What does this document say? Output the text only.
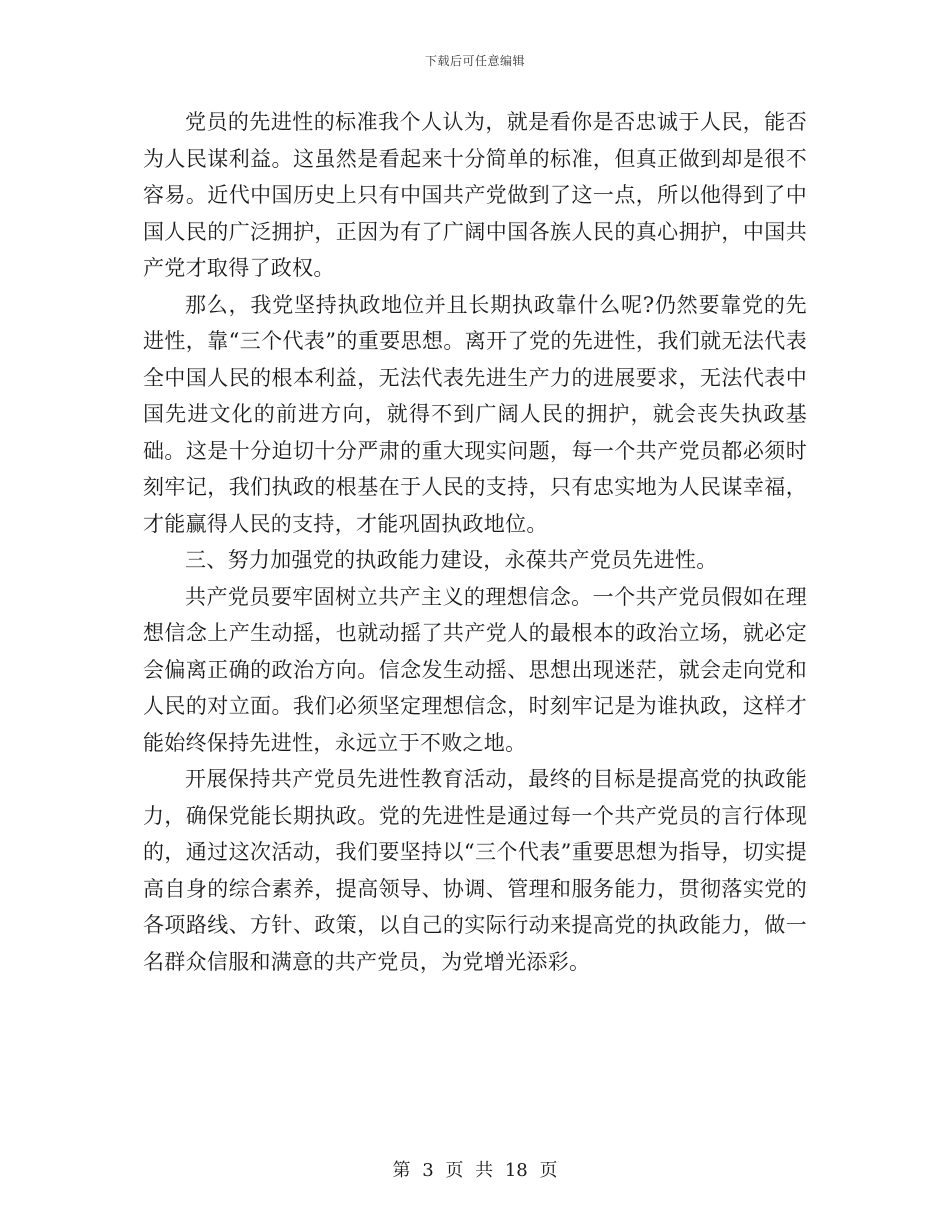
下载后可任意编辑

党员的先进性的标准我个人认为，就是看你是否忠诚于人民，能否为人民谋利益。这虽然是看起来十分简单的标准，但真正做到却是很不容易。近代中国历史上只有中国共产党做到了这一点，所以他得到了中国人民的广泛拥护，正因为有了广阔中国各族人民的真心拥护，中国共产党才取得了政权。

那么，我党坚持执政地位并且长期执政靠什么呢?仍然要靠党的先进性，靠“三个代表”的重要思想。离开了党的先进性，我们就无法代表全中国人民的根本利益，无法代表先进生产力的进展要求，无法代表中国先进文化的前进方向，就得不到广阔人民的拥护，就会丧失执政基础。这是十分迫切十分严肃的重大现实问题，每一个共产党员都必须时刻牢记，我们执政的根基在于人民的支持，只有忠实地为人民谋幸福，才能赢得人民的支持，才能巩固执政地位。

三、努力加强党的执政能力建设，永葆共产党员先进性。

共产党员要牢固树立共产主义的理想信念。一个共产党员假如在理想信念上产生动摇，也就动摇了共产党人的最根本的政治立场，就必定会偏离正确的政治方向。信念发生动摇、思想出现迷茫，就会走向党和人民的对立面。我们必须坚定理想信念，时刻牢记是为谁执政，这样才能始终保持先进性，永远立于不败之地。

开展保持共产党员先进性教育活动，最终的目标是提高党的执政能力，确保党能长期执政。党的先进性是通过每一个共产党员的言行体现的，通过这次活动，我们要坚持以“三个代表”重要思想为指导，切实提高自身的综合素养，提高领导、协调、管理和服务能力，贯彻落实党的各项路线、方针、政策，以自己的实际行动来提高党的执政能力，做一名群众信服和满意的共产党员，为党增光添彩。

第 3 页 共 18 页
